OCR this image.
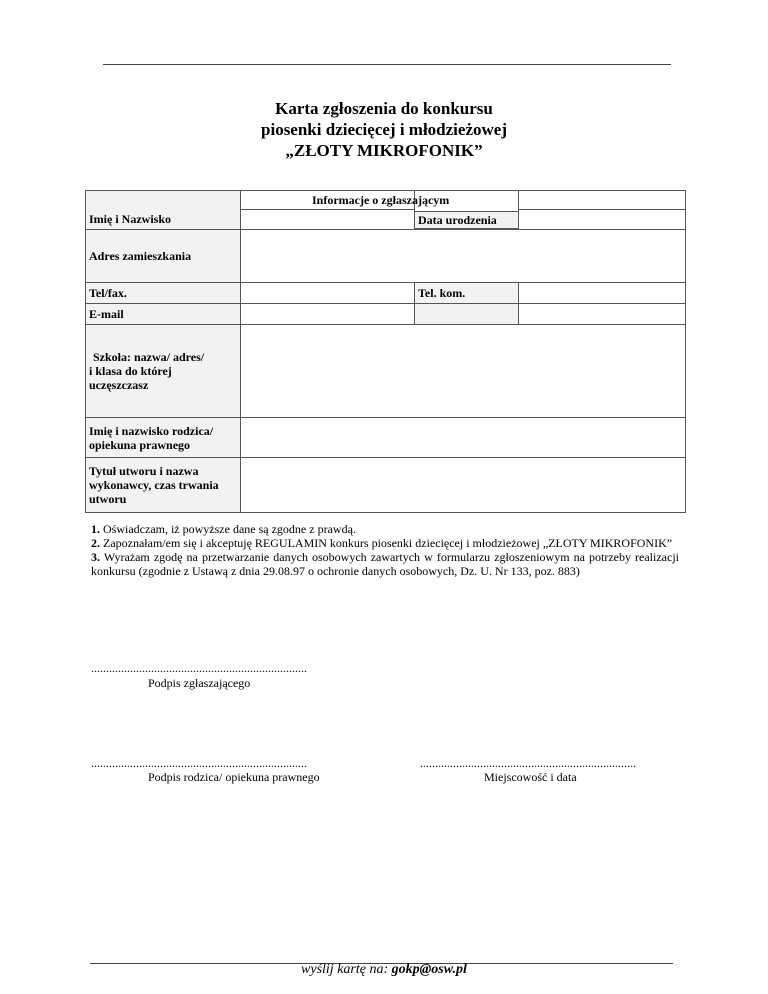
Karta zgłoszenia do konkursu
piosenki dziecięcej i młodzieżowej
„ZŁOTY MIKROFONIK”
Imię i Nazwisko		Data urodzenia	

Adres zamieszkania			
Tel/fax.		Tel. kom.	
E-mail			

Szkoła: nazwa/ adres/
i klasa do której
uczęszczasz			

Imię i nazwisko rodzica/
opiekuna prawnego			

Tytuł utworu i nazwa
wykonawcy, czas trwania
utworu			

Informacje o zgłaszającym

1. Oświadczam, iż powyższe dane są zgodne z prawdą.

2. Zapoznałam/em się i akceptuję REGULAMIN konkurs piosenki dziecięcej i młodzieżowej „ZŁOTY MIKROFONIK”

3. Wyrażam zgodę na przetwarzanie danych osobowych zawartych w formularzu zgłoszeniowym na potrzeby realizacji konkursu (zgodnie z Ustawą z dnia 29.08.97 o ochronie danych osobowych, Dz. U. Nr 133, poz. 883)

........................................................................
Podpis zgłaszającego
........................................................................
Podpis rodzica/ opiekuna prawnego
........................................................................
Miejscowość i data
wyślij kartę na: gokp@osw.pl
